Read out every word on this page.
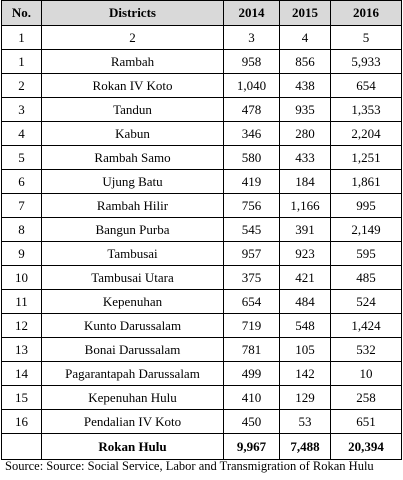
No.	Districts	2014	2015	2016
1	2	3	4	5
1	Rambah	958	856	5,933
2	Rokan IV Koto	1,040	438	654
3	Tandun	478	935	1,353
4	Kabun	346	280	2,204
5	Rambah Samo	580	433	1,251
6	Ujung Batu	419	184	1,861
7	Rambah Hilir	756	1,166	995
8	Bangun Purba	545	391	2,149
9	Tambusai	957	923	595
10	Tambusai Utara	375	421	485
11	Kepenuhan	654	484	524
12	Kunto Darussalam	719	548	1,424
13	Bonai Darussalam	781	105	532
14	Pagarantapah Darussalam	499	142	10
15	Kepenuhan Hulu	410	129	258
16	Pendalian IV Koto	450	53	651
	Rokan Hulu	9,967	7,488	20,394
Source: Source: Social Service, Labor and Transmigration of Rokan Hulu
